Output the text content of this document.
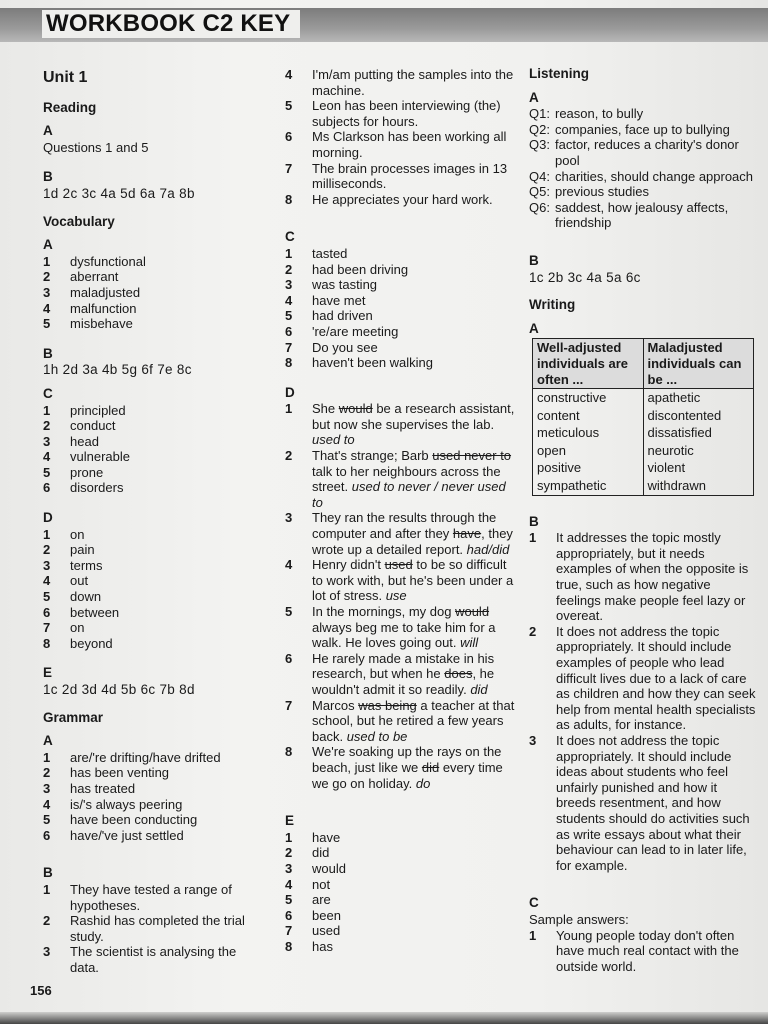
WORKBOOK C2 KEY
Unit 1
Reading
A
Questions 1 and 5
B
1d 2c 3c 4a 5d 6a 7a 8b
Vocabulary
A
1	dysfunctional
2	aberrant
3	maladjusted
4	malfunction
5	misbehave
B
1h 2d 3a 4b 5g 6f 7e 8c
C
1	principled
2	conduct
3	head
4	vulnerable
5	prone
6	disorders
D
1	on
2	pain
3	terms
4	out
5	down
6	between
7	on
8	beyond
E
1c 2d 3d 4d 5b 6c 7b 8d
Grammar
A
1	are/'re drifting/have drifted
2	has been venting
3	has treated
4	is/'s always peering
5	have been conducting
6	have/'ve just settled
B
1	They have tested a range of hypotheses.
2	Rashid has completed the trial study.
3	The scientist is analysing the data.
4	I'm/am putting the samples into the machine.
5	Leon has been interviewing (the) subjects for hours.
6	Ms Clarkson has been working all morning.
7	The brain processes images in 13 milliseconds.
8	He appreciates your hard work.
C
1	tasted
2	had been driving
3	was tasting
4	have met
5	had driven
6	're/are meeting
7	Do you see
8	haven't been walking
D
1	She would be a research assistant, but now she supervises the lab. used to
2	That's strange; Barb used never to talk to her neighbours across the street. used to never / never used to
3	They ran the results through the computer and after they have, they wrote up a detailed report. had/did
4	Henry didn't used to be so difficult to work with, but he's been under a lot of stress. use
5	In the mornings, my dog would always beg me to take him for a walk. He loves going out. will
6	He rarely made a mistake in his research, but when he does, he wouldn't admit it so readily. did
7	Marcos was being a teacher at that school, but he retired a few years back. used to be
8	We're soaking up the rays on the beach, just like we did every time we go on holiday. do
E
1	have
2	did
3	would
4	not
5	are
6	been
7	used
8	has
Listening
A
Q1: reason, to bully
Q2: companies, face up to bullying
Q3: factor, reduces a charity's donor pool
Q4: charities, should change approach
Q5: previous studies
Q6: saddest, how jealousy affects, friendship
B
1c 2b 3c 4a 5a 6c
Writing
A
Well-adjusted individuals are often ...	Maladjusted individuals can be ...
constructive	apathetic
content	discontented
meticulous	dissatisfied
open	neurotic
positive	violent
sympathetic	withdrawn
B
1	It addresses the topic mostly appropriately, but it needs examples of when the opposite is true, such as how negative feelings make people feel lazy or overeat.
2	It does not address the topic appropriately. It should include examples of people who lead difficult lives due to a lack of care as children and how they can seek help from mental health specialists as adults, for instance.
3	It does not address the topic appropriately. It should include ideas about students who feel unfairly punished and how it breeds resentment, and how students should do activities such as write essays about what their behaviour can lead to in later life, for example.
C
Sample answers:
1	Young people today don't often have much real contact with the outside world.
156
